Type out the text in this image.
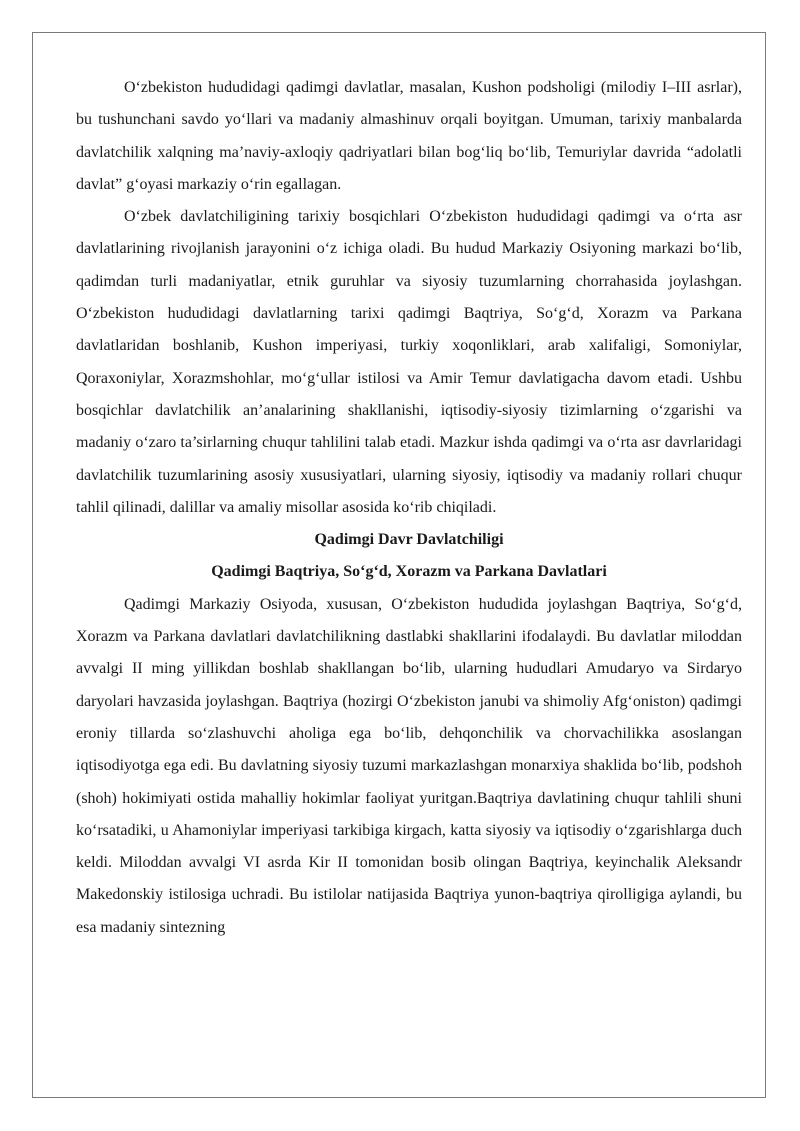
O‘zbekiston hududidagi qadimgi davlatlar, masalan, Kushon podsholigi (milodiy I–III asrlar), bu tushunchani savdo yo‘llari va madaniy almashinuv orqali boyitgan. Umuman, tarixiy manbalarda davlatchilik xalqning ma’naviy-axloqiy qadriyatlari bilan bog‘liq bo‘lib, Temuriylar davrida “adolatli davlat” g‘oyasi markaziy o‘rin egallagan.

O‘zbek davlatchiligining tarixiy bosqichlari O‘zbekiston hududidagi qadimgi va o‘rta asr davlatlarining rivojlanish jarayonini o‘z ichiga oladi. Bu hudud Markaziy Osiyoning markazi bo‘lib, qadimdan turli madaniyatlar, etnik guruhlar va siyosiy tuzumlarning chorrahasida joylashgan. O‘zbekiston hududidagi davlatlarning tarixi qadimgi Baqtriya, So‘g‘d, Xorazm va Parkana davlatlaridan boshlanib, Kushon imperiyasi, turkiy xoqonliklari, arab xalifaligi, Somoniylar, Qoraxoniylar, Xorazmshohlar, mo‘g‘ullar istilosi va Amir Temur davlatigacha davom etadi. Ushbu bosqichlar davlatchilik an’analarining shakllanishi, iqtisodiy-siyosiy tizimlarning o‘zgarishi va madaniy o‘zaro ta’sirlarning chuqur tahlilini talab etadi. Mazkur ishda qadimgi va o‘rta asr davrlaridagi davlatchilik tuzumlarining asosiy xususiyatlari, ularning siyosiy, iqtisodiy va madaniy rollari chuqur tahlil qilinadi, dalillar va amaliy misollar asosida ko‘rib chiqiladi.

Qadimgi Davr Davlatchiligi

Qadimgi Baqtriya, So‘g‘d, Xorazm va Parkana Davlatlari

Qadimgi Markaziy Osiyoda, xususan, O‘zbekiston hududida joylashgan Baqtriya, So‘g‘d, Xorazm va Parkana davlatlari davlatchilikning dastlabki shakllarini ifodalaydi. Bu davlatlar miloddan avvalgi II ming yillikdan boshlab shakllangan bo‘lib, ularning hududlari Amudaryo va Sirdaryo daryolari havzasida joylashgan. Baqtriya (hozirgi O‘zbekiston janubi va shimoliy Afg‘oniston) qadimgi eroniy tillarda so‘zlashuvchi aholiga ega bo‘lib, dehqonchilik va chorvachilikka asoslangan iqtisodiyotga ega edi. Bu davlatning siyosiy tuzumi markazlashgan monarxiya shaklida bo‘lib, podshoh (shoh) hokimiyati ostida mahalliy hokimlar faoliyat yuritgan.Baqtriya davlatining chuqur tahlili shuni ko‘rsatadiki, u Ahamoniylar imperiyasi tarkibiga kirgach, katta siyosiy va iqtisodiy o‘zgarishlarga duch keldi. Miloddan avvalgi VI asrda Kir II tomonidan bosib olingan Baqtriya, keyinchalik Aleksandr Makedonskiy istilosiga uchradi. Bu istilolar natijasida Baqtriya yunon-baqtriya qirolligiga aylandi, bu esa madaniy sintezning
